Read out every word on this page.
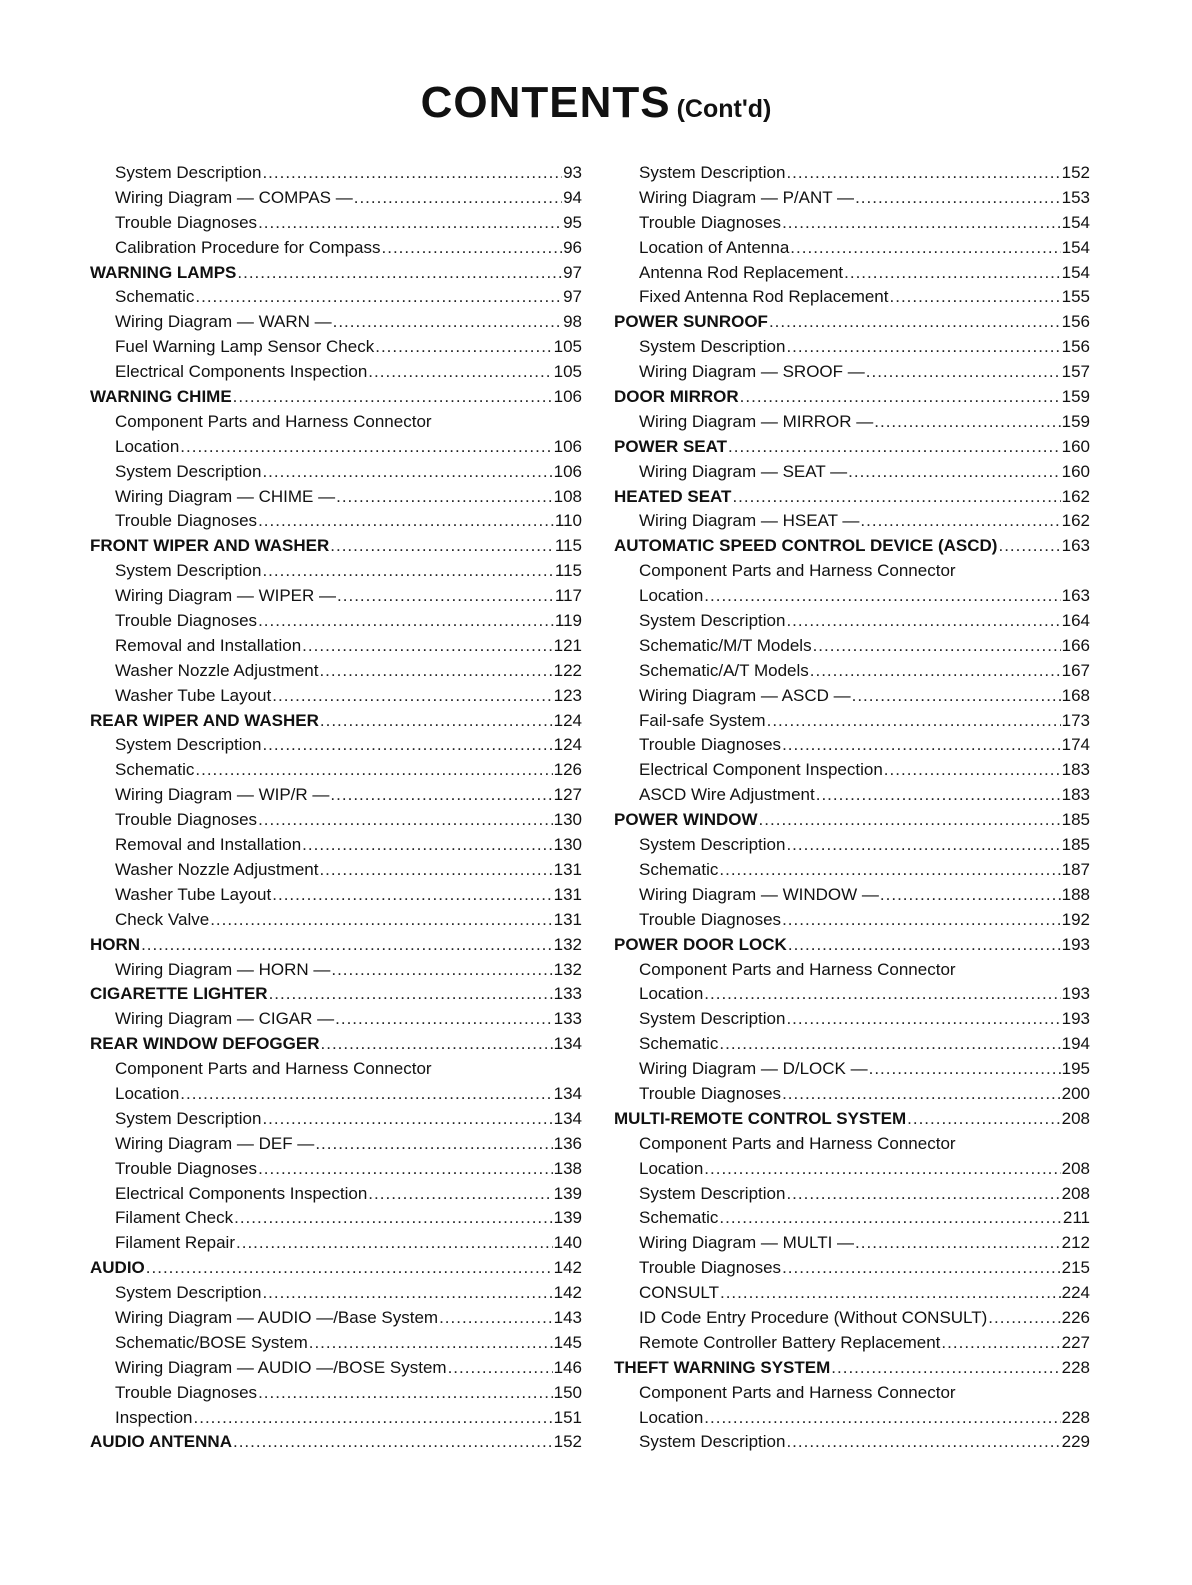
CONTENTS (Cont'd)
System Description .....	93
Wiring Diagram — COMPAS — .....	94
Trouble Diagnoses .....	95
Calibration Procedure for Compass .....	96
WARNING LAMPS .....	97
Schematic .....	97
Wiring Diagram — WARN — .....	98
Fuel Warning Lamp Sensor Check .....	105
Electrical Components Inspection .....	105
WARNING CHIME .....	106
Component Parts and Harness Connector
Location .....	106
System Description .....	106
Wiring Diagram — CHIME — .....	108
Trouble Diagnoses .....	110
FRONT WIPER AND WASHER .....	115
System Description .....	115
Wiring Diagram — WIPER — .....	117
Trouble Diagnoses .....	119
Removal and Installation .....	121
Washer Nozzle Adjustment .....	122
Washer Tube Layout .....	123
REAR WIPER AND WASHER .....	124
System Description .....	124
Schematic .....	126
Wiring Diagram — WIP/R — .....	127
Trouble Diagnoses .....	130
Removal and Installation .....	130
Washer Nozzle Adjustment .....	131
Washer Tube Layout .....	131
Check Valve .....	131
HORN .....	132
Wiring Diagram — HORN — .....	132
CIGARETTE LIGHTER .....	133
Wiring Diagram — CIGAR — .....	133
REAR WINDOW DEFOGGER .....	134
Component Parts and Harness Connector
Location .....	134
System Description .....	134
Wiring Diagram — DEF — .....	136
Trouble Diagnoses .....	138
Electrical Components Inspection .....	139
Filament Check .....	139
Filament Repair .....	140
AUDIO .....	142
System Description .....	142
Wiring Diagram — AUDIO —/Base System .....	143
Schematic/BOSE System .....	145
Wiring Diagram — AUDIO —/BOSE System .....	146
Trouble Diagnoses .....	150
Inspection .....	151
AUDIO ANTENNA .....	152
System Description .....	152
Wiring Diagram — P/ANT — .....	153
Trouble Diagnoses .....	154
Location of Antenna .....	154
Antenna Rod Replacement .....	154
Fixed Antenna Rod Replacement .....	155
POWER SUNROOF .....	156
System Description .....	156
Wiring Diagram — SROOF — .....	157
DOOR MIRROR .....	159
Wiring Diagram — MIRROR — .....	159
POWER SEAT .....	160
Wiring Diagram — SEAT — .....	160
HEATED SEAT .....	162
Wiring Diagram — HSEAT — .....	162
AUTOMATIC SPEED CONTROL DEVICE (ASCD) .....	163
Component Parts and Harness Connector
Location .....	163
System Description .....	164
Schematic/M/T Models .....	166
Schematic/A/T Models .....	167
Wiring Diagram — ASCD — .....	168
Fail-safe System .....	173
Trouble Diagnoses .....	174
Electrical Component Inspection .....	183
ASCD Wire Adjustment .....	183
POWER WINDOW .....	185
System Description .....	185
Schematic .....	187
Wiring Diagram — WINDOW — .....	188
Trouble Diagnoses .....	192
POWER DOOR LOCK .....	193
Component Parts and Harness Connector
Location .....	193
System Description .....	193
Schematic .....	194
Wiring Diagram — D/LOCK — .....	195
Trouble Diagnoses .....	200
MULTI-REMOTE CONTROL SYSTEM .....	208
Component Parts and Harness Connector
Location .....	208
System Description .....	208
Schematic .....	211
Wiring Diagram — MULTI — .....	212
Trouble Diagnoses .....	215
CONSULT .....	224
ID Code Entry Procedure (Without CONSULT) .....	226
Remote Controller Battery Replacement .....	227
THEFT WARNING SYSTEM .....	228
Component Parts and Harness Connector
Location .....	228
System Description .....	229
